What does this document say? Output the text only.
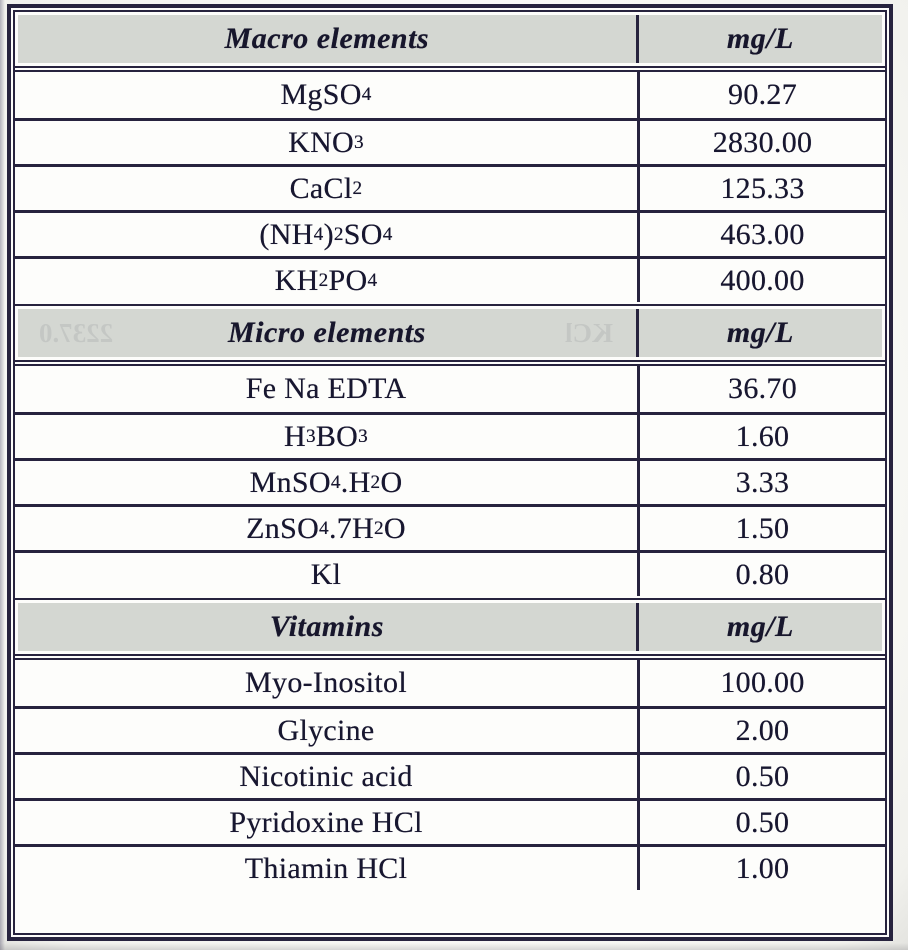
Macro elements	mg/L
MgSO 4	90.27
KNO 3	2830.00
CaCl 2	125.33
(NH 4 ) 2 SO 4	463.00
KH 2 PO 4	400.00
Micro elements	mg/L
2237.0	KCl
Fe Na EDTA	36.70
H 3 BO 3	1.60
MnSO 4 .H 2 O	3.33
ZnSO 4 .7H 2 O	1.50
Kl	0.80
Vitamins	mg/L
Myo-Inositol	100.00
Glycine	2.00
Nicotinic acid	0.50
Pyridoxine HCl	0.50
Thiamin HCl	1.00
